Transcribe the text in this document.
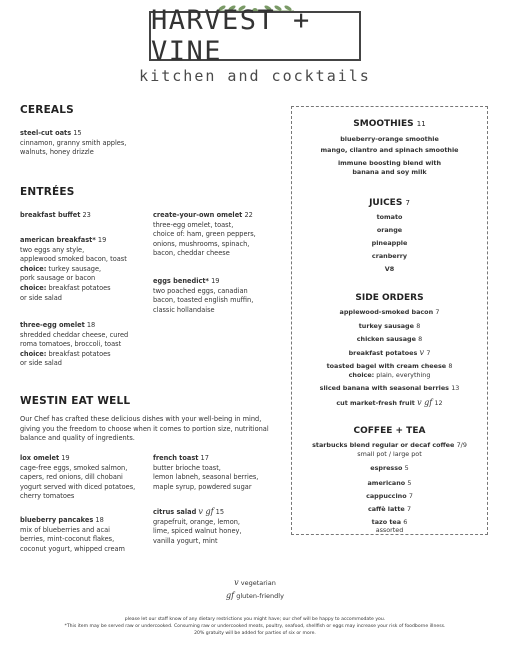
HARVEST + VINE
kitchen and cocktails
CEREALS
steel-cut oats 15
cinnamon, granny smith apples,
walnuts, honey drizzle
ENTRÉES
breakfast buffet 23
american breakfast* 19
two eggs any style,
applewood smoked bacon, toast
choice: turkey sausage,
pork sausage or bacon
choice: breakfast potatoes
or side salad
three-egg omelet 18
shredded cheddar cheese, cured
roma tomatoes, broccoli, toast
choice: breakfast potatoes
or side salad
create-your-own omelet 22
three-egg omelet, toast,
choice of: ham, green peppers,
onions, mushrooms, spinach,
bacon, cheddar cheese
eggs benedict* 19
two poached eggs, canadian
bacon, toasted english muffin,
classic hollandaise
WESTIN EAT WELL
Our Chef has crafted these delicious dishes with your well-being in mind,
giving you the freedom to choose when it comes to portion size, nutritional
balance and quality of ingredients.
lox omelet 19
cage-free eggs, smoked salmon,
capers, red onions, dill chobani
yogurt served with diced potatoes,
cherry tomatoes
blueberry pancakes 18
mix of blueberries and acai
berries, mint-coconut flakes,
coconut yogurt, whipped cream
french toast 17
butter brioche toast,
lemon labneh, seasonal berries,
maple syrup, powdered sugar
citrus salad v gf 15
grapefruit, orange, lemon,
lime, spiced walnut honey,
vanilla yogurt, mint
SMOOTHIES 11
blueberry-orange smoothie
mango, cilantro and spinach smoothie
immune boosting blend with
banana and soy milk
JUICES 7
tomato
orange
pineapple
cranberry
V8
SIDE ORDERS
applewood-smoked bacon 7
turkey sausage 8
chicken sausage 8
breakfast potatoes v 7
toasted bagel with cream cheese 8
choice: plain, everything
sliced banana with seasonal berries 13
cut market-fresh fruit v gf 12
COFFEE + TEA
starbucks blend regular or decaf coffee 7/9
small pot / large pot
espresso 5
americano 5
cappuccino 7
caffè latte 7
tazo tea 6
assorted
v vegetarian
gf gluten-friendly
please let our staff know of any dietary restrictions you might have; our chef will be happy to accommodate you.
*This item may be served raw or undercooked. Consuming raw or undercooked meats, poultry, seafood, shellfish or eggs may increase your risk of foodborne illness.
20% gratuity will be added for parties of six or more.
